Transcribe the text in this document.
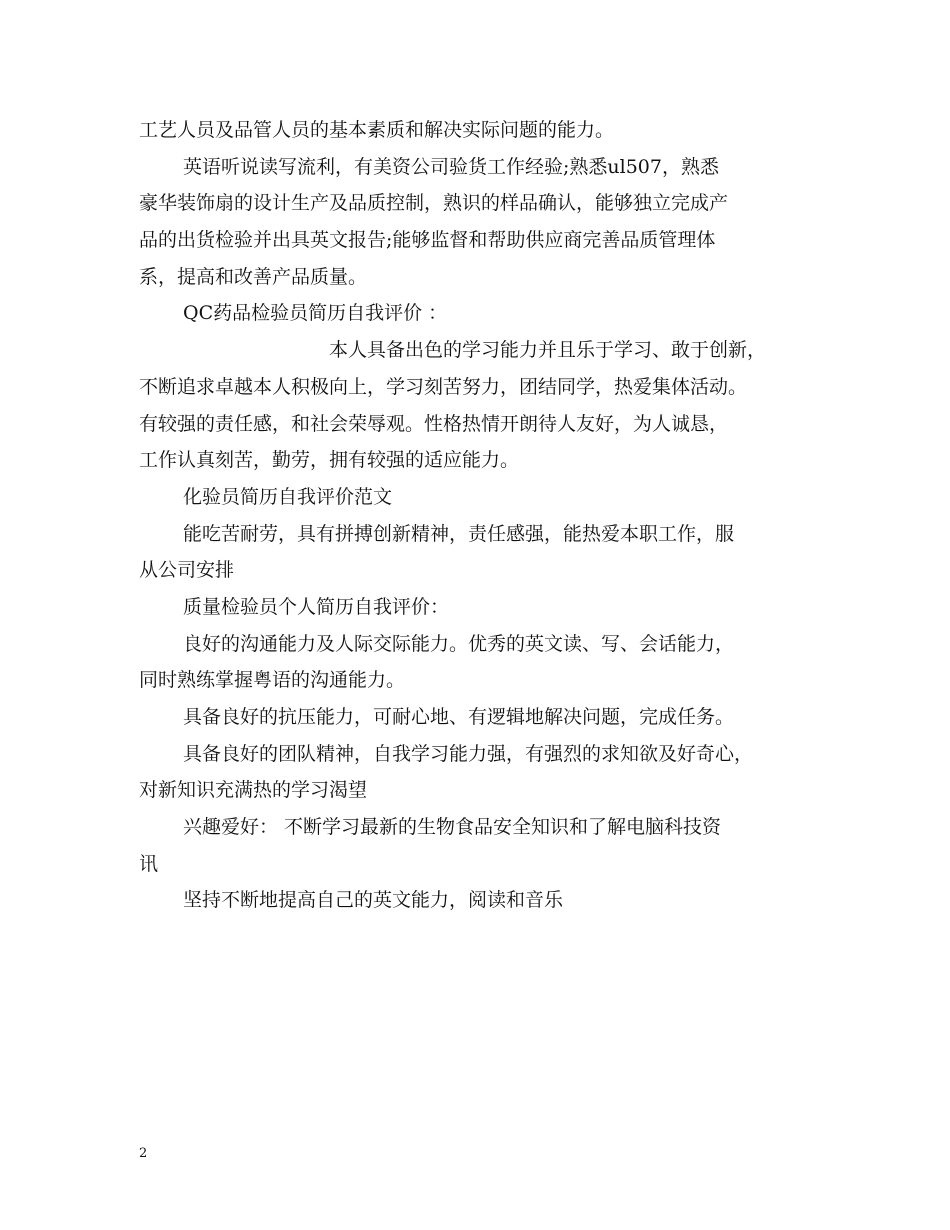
工艺人员及品管人员的基本素质和解决实际问题的能力。
英语听说读写流利，有美资公司验货工作经验;熟悉ul507，熟悉
豪华装饰扇的设计生产及品质控制，熟识的样品确认，能够独立完成产
品的出货检验并出具英文报告;能够监督和帮助供应商完善品质管理体
系，提高和改善产品质量。
QC药品检验员简历自我评价 ：
本人具备出色的学习能力并且乐于学习、敢于创新，
不断追求卓越本人积极向上，学习刻苦努力，团结同学，热爱集体活动。
有较强的责任感，和社会荣辱观。性格热情开朗待人友好，为人诚恳，
工作认真刻苦，勤劳，拥有较强的适应能力。
化验员简历自我评价范文
能吃苦耐劳，具有拼搏创新精神，责任感强，能热爱本职工作，服
从公司安排
质量检验员个人简历自我评价：
良好的沟通能力及人际交际能力。优秀的英文读、写、会话能力，
同时熟练掌握粤语的沟通能力。
具备良好的抗压能力，可耐心地、有逻辑地解决问题，完成任务。
具备良好的团队精神，自我学习能力强，有强烈的求知欲及好奇心，
对新知识充满热的学习渴望
兴趣爱好： 不断学习最新的生物食品安全知识和了解电脑科技资
讯
坚持不断地提高自己的英文能力，阅读和音乐
2
